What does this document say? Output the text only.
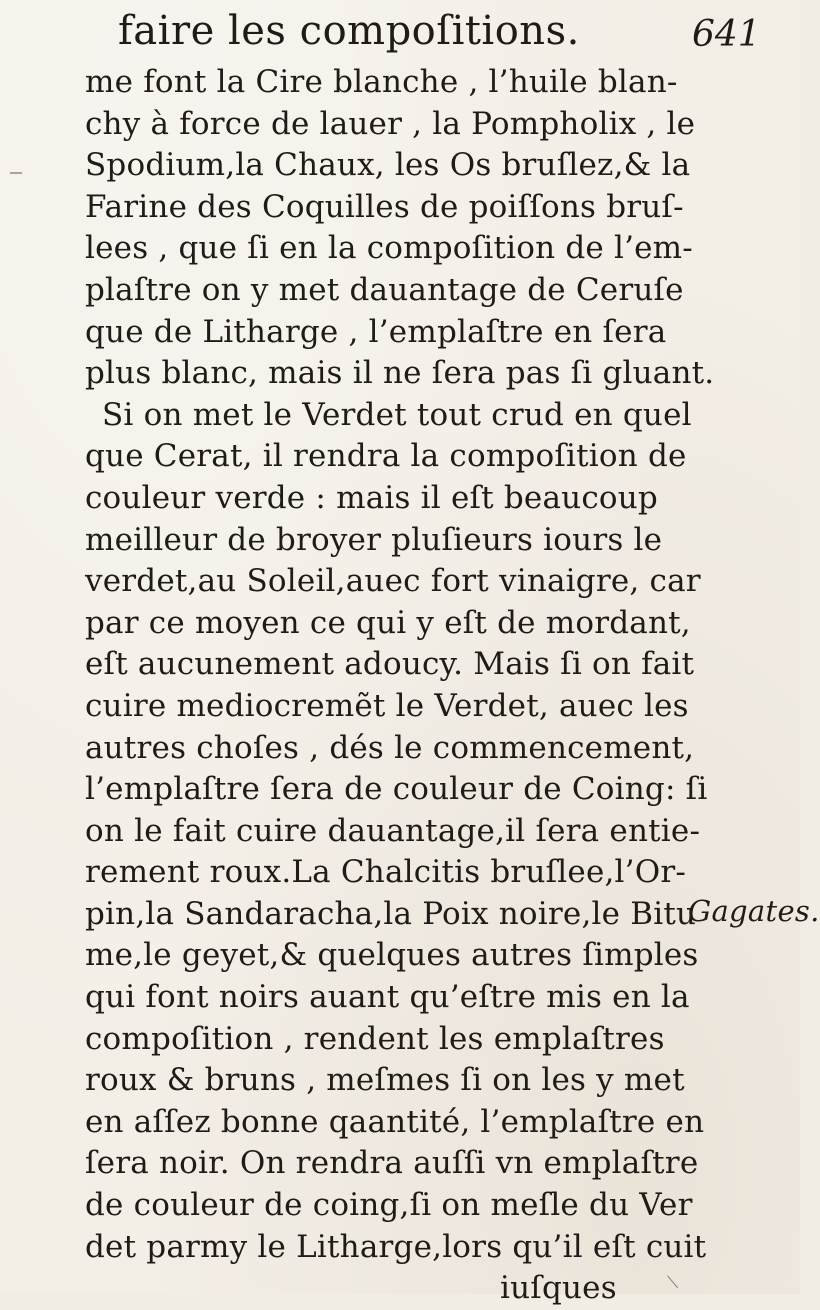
faire les compoſitions.	641
me font la Cire blanche , l’huile blan-
chy à force de lauer , la Pompholix , le
Spodium,la Chaux, les Os bruſlez,& la
Farine des Coquilles de poiſſons bruſ-
lees , que ſi en la compoſition de l’em-
plaſtre on y met dauantage de Ceruſe
que de Litharge , l’emplaſtre en ſera
plus blanc, mais il ne ſera pas ſi gluant.
Si on met le Verdet tout crud en quel
que Cerat, il rendra la compoſition de
couleur verde : mais il eſt beaucoup
meilleur de broyer pluſieurs iours le
verdet,au Soleil,auec fort vinaigre, car
par ce moyen ce qui y eſt de mordant,
eſt aucunement adoucy. Mais ſi on fait
cuire mediocremẽt le Verdet, auec les
autres choſes , dés le commencement,
l’emplaſtre ſera de couleur de Coing: ſi
on le fait cuire dauantage,il ſera entie-
rement roux.La Chalcitis bruſlee,l’Or-
pin,la Sandaracha,la Poix noire,le Bitu
me,le geyet,& quelques autres ſimples
qui font noirs auant qu’eſtre mis en la
compoſition , rendent les emplaſtres
roux & bruns , meſmes ſi on les y met
en aſſez bonne qaantité, l’emplaſtre en
ſera noir. On rendra auſſi vn emplaſtre
de couleur de coing,ſi on meſle du Ver
det parmy le Litharge,lors qu’il eſt cuit
iuſques
Gagates.
